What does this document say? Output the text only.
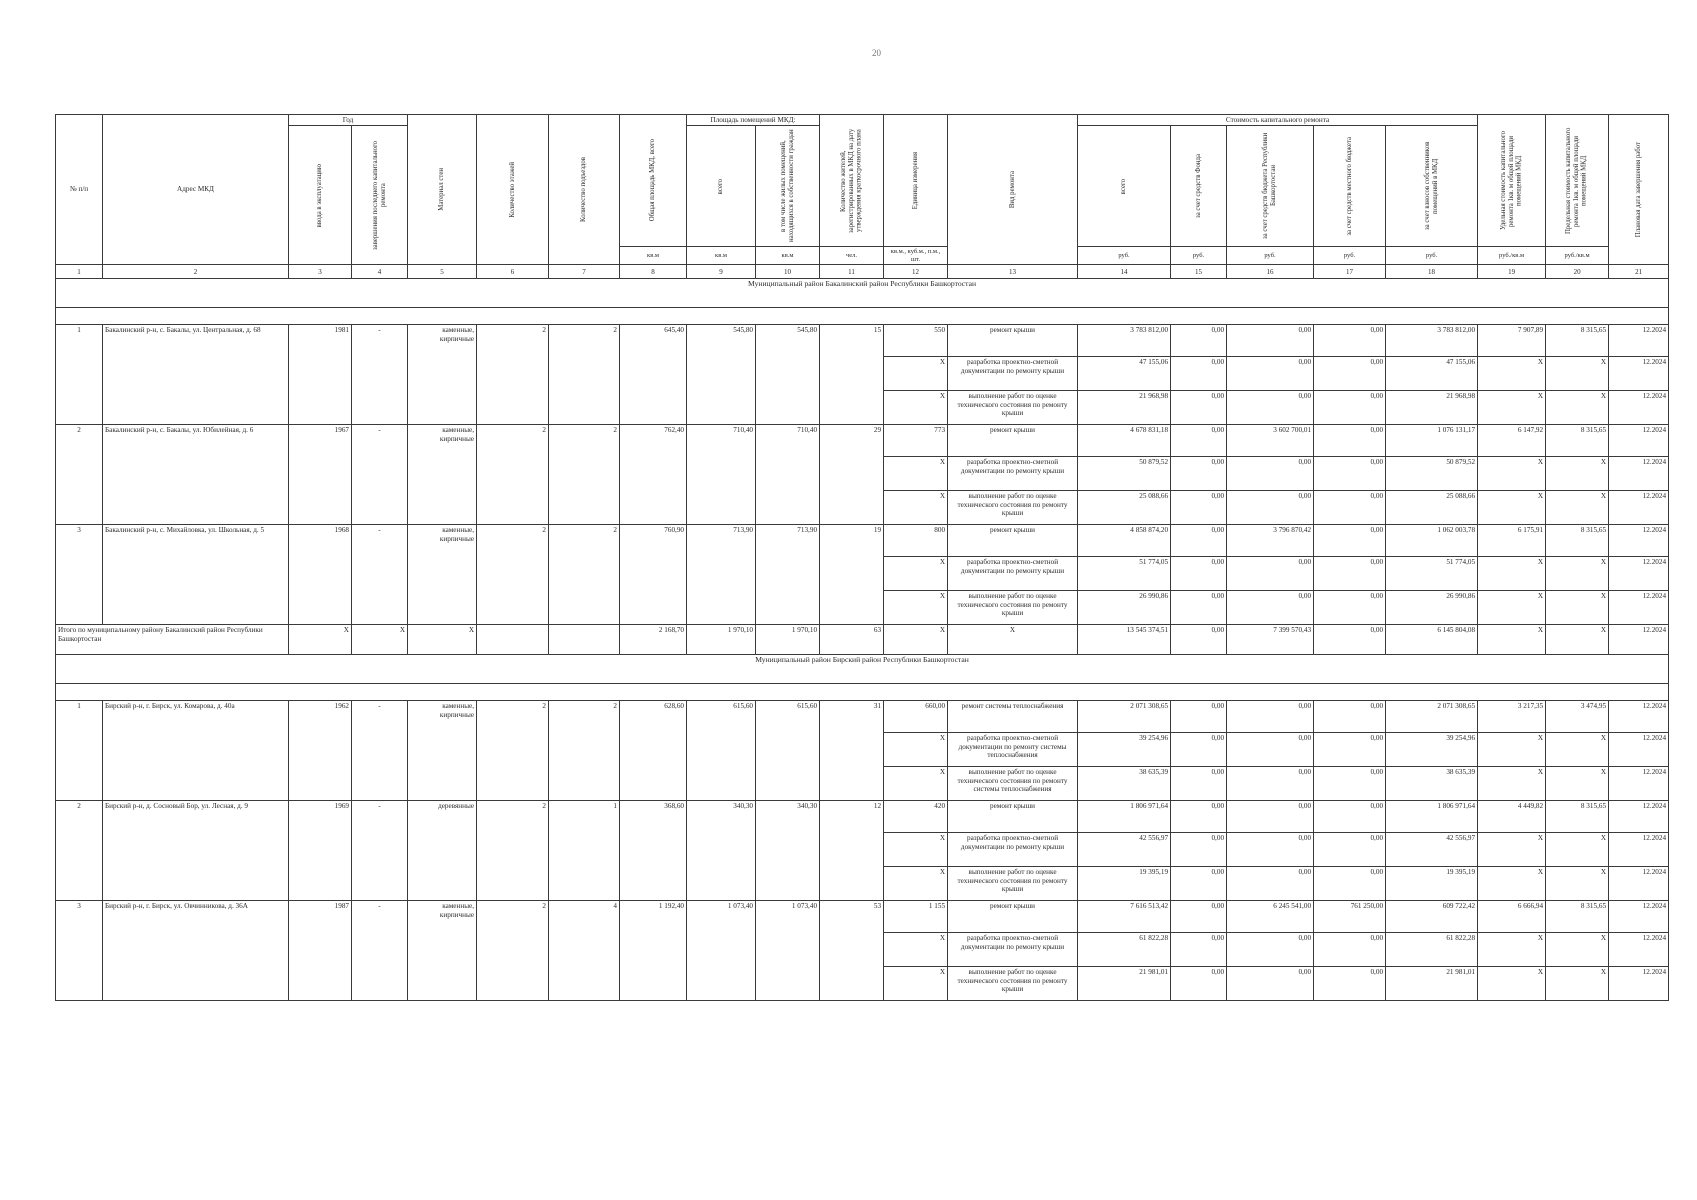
20
№ п/п	Адрес МКД	Год		Материал стен	Количество этажей	Количество подъездов	Общая площадь МКД, всего	Площадь помещений МКД:		Количество жителей, зарегистрированных в МКД на дату утверждения краткосрочного плана	Единица измерения	Вид ремонта	Стоимость капитального ремонта					Удельная стоимость капитального ремонта 1кв. м общей площади помещений МКД	Предельная стоимость капитального ремонта 1кв. м общей площади помещений МКД	Плановая дата завершения работ

		ввода в эксплуатацию	завершения последнего капитального ремонта					всего	в том числе жилых помещений, находящихся в собственности граждан				всего	за счет средств Фонда	за счет средств бюджета Республики Башкортостан	за счет средств местного бюджета	за счет взносов собственников помещений в МКД			

							кв.м	кв.м	кв.м	чел.	кв.м., куб.м., п.м., шт.		руб.	руб.	руб.	руб.	руб.	руб./кв.м	руб./кв.м	
1	2	3	4	5	6	7	8	9	10	11	12	13	14	15	16	17	18	19	20	21
Муниципальный район Бакалинский район Республики Башкортостан																				

1	Бакалинский р-н, с. Бакалы, ул. Центральная, д. 68	1981	-	каменные, кирпичные	2	2	645,40	545,80	545,80	15	550	ремонт крыши	3 783 812,00	0,00	0,00	0,00	3 783 812,00	7 907,89	8 315,65	12.2024
											X	разработка проектно-сметной документации по ремонту крыши	47 155,06	0,00	0,00	0,00	47 155,06	X	X	12.2024
											X	выполнение работ по оценке технического состояния по ремонту крыши	21 968,98	0,00	0,00	0,00	21 968,98	X	X	12.2024
2	Бакалинский р-н, с. Бакалы, ул. Юбилейная, д. 6	1967	-	каменные, кирпичные	2	2	762,40	710,40	710,40	29	773	ремонт крыши	4 678 831,18	0,00	3 602 700,01	0,00	1 076 131,17	6 147,92	8 315,65	12.2024
											X	разработка проектно-сметной документации по ремонту крыши	50 879,52	0,00	0,00	0,00	50 879,52	X	X	12.2024
											X	выполнение работ по оценке технического состояния по ремонту крыши	25 088,66	0,00	0,00	0,00	25 088,66	X	X	12.2024
3	Бакалинский р-н, с. Михайловка, ул. Школьная, д. 5	1968	-	каменные, кирпичные	2	2	760,90	713,90	713,90	19	800	ремонт крыши	4 858 874,20	0,00	3 796 870,42	0,00	1 062 003,78	6 175,91	8 315,65	12.2024
											X	разработка проектно-сметной документации по ремонту крыши	51 774,05	0,00	0,00	0,00	51 774,05	X	X	12.2024
											X	выполнение работ по оценке технического состояния по ремонту крыши	26 990,86	0,00	0,00	0,00	26 990,86	X	X	12.2024
Итого по муниципальному району Бакалинский район Республики Башкортостан		X	X	X			2 168,70	1 970,10	1 970,10	63	X	X	13 545 374,51	0,00	7 399 570,43	0,00	6 145 804,08	X	X	12.2024
Муниципальный район Бирский район Республики Башкортостан																				

1	Бирский р-н, г. Бирск, ул. Комарова, д. 40а	1962	-	каменные, кирпичные	2	2	628,60	615,60	615,60	31	660,00	ремонт системы теплоснабжения	2 071 308,65	0,00	0,00	0,00	2 071 308,65	3 217,35	3 474,95	12.2024
											X	разработка проектно-сметной документации по ремонту системы теплоснабжения	39 254,96	0,00	0,00	0,00	39 254,96	X	X	12.2024
											X	выполнение работ по оценке технического состояния по ремонту системы теплоснабжения	38 635,39	0,00	0,00	0,00	38 635,39	X	X	12.2024
2	Бирский р-н, д. Сосновый Бор, ул. Лесная, д. 9	1969	-	деревянные	2	1	368,60	340,30	340,30	12	420	ремонт крыши	1 806 971,64	0,00	0,00	0,00	1 806 971,64	4 449,82	8 315,65	12.2024
											X	разработка проектно-сметной документации по ремонту крыши	42 556,97	0,00	0,00	0,00	42 556,97	X	X	12.2024
											X	выполнение работ по оценке технического состояния по ремонту крыши	19 395,19	0,00	0,00	0,00	19 395,19	X	X	12.2024
3	Бирский р-н, г. Бирск, ул. Овчинникова, д. 36А	1987	-	каменные, кирпичные	2	4	1 192,40	1 073,40	1 073,40	53	1 155	ремонт крыши	7 616 513,42	0,00	6 245 541,00	761 250,00	609 722,42	6 666,94	8 315,65	12.2024
											X	разработка проектно-сметной документации по ремонту крыши	61 822,28	0,00	0,00	0,00	61 822,28	X	X	12.2024
											X	выполнение работ по оценке технического состояния по ремонту крыши	21 981,01	0,00	0,00	0,00	21 981,01	X	X	12.2024
